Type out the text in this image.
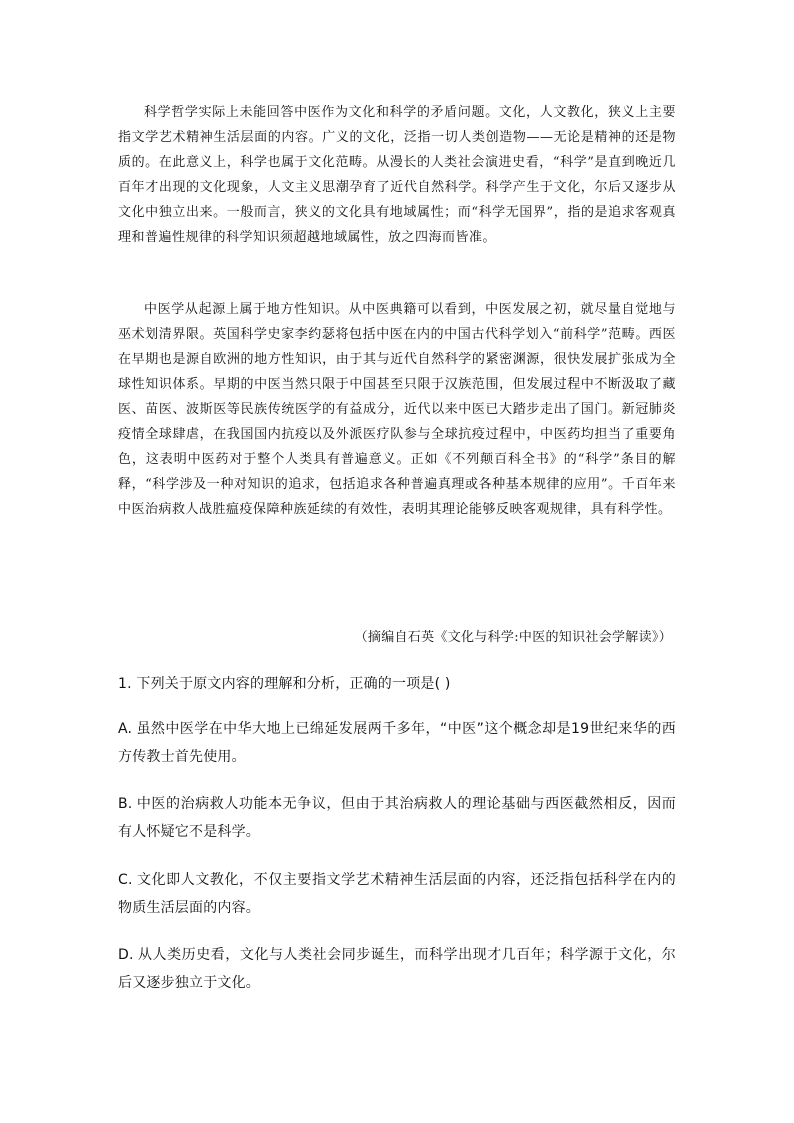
科学哲学实际上未能回答中医作为文化和科学的矛盾问题。文化，人文教化，狭义上主要指文学艺术精神生活层面的内容。广义的文化，泛指一切人类创造物——无论是精神的还是物质的。在此意义上，科学也属于文化范畴。从漫长的人类社会演进史看，“科学”是直到晚近几百年才出现的文化现象，人文主义思潮孕育了近代自然科学。科学产生于文化，尔后又逐步从文化中独立出来。一般而言，狭义的文化具有地域属性；而“科学无国界”，指的是追求客观真理和普遍性规律的科学知识须超越地域属性，放之四海而皆准。

中医学从起源上属于地方性知识。从中医典籍可以看到，中医发展之初，就尽量自觉地与巫术划清界限。英国科学史家李约瑟将包括中医在内的中国古代科学划入“前科学”范畴。西医在早期也是源自欧洲的地方性知识，由于其与近代自然科学的紧密渊源，很快发展扩张成为全球性知识体系。早期的中医当然只限于中国甚至只限于汉族范围，但发展过程中不断汲取了藏医、苗医、波斯医等民族传统医学的有益成分，近代以来中医已大踏步走出了国门。新冠肺炎疫情全球肆虐，在我国国内抗疫以及外派医疗队参与全球抗疫过程中，中医药均担当了重要角色，这表明中医药对于整个人类具有普遍意义。正如《不列颠百科全书》的“科学”条目的解释，“科学涉及一种对知识的追求，包括追求各种普遍真理或各种基本规律的应用”。千百年来中医治病救人战胜瘟疫保障种族延续的有效性，表明其理论能够反映客观规律，具有科学性。

（摘编自石英《文化与科学:中医的知识社会学解读》）

1. 下列关于原文内容的理解和分析，正确的一项是( )

A. 虽然中医学在中华大地上已绵延发展两千多年，“中医”这个概念却是19世纪来华的西方传教士首先使用。

B. 中医的治病救人功能本无争议，但由于其治病救人的理论基础与西医截然相反，因而有人怀疑它不是科学。

C. 文化即人文教化，不仅主要指文学艺术精神生活层面的内容，还泛指包括科学在内的物质生活层面的内容。

D. 从人类历史看，文化与人类社会同步诞生，而科学出现才几百年；科学源于文化，尔后又逐步独立于文化。
